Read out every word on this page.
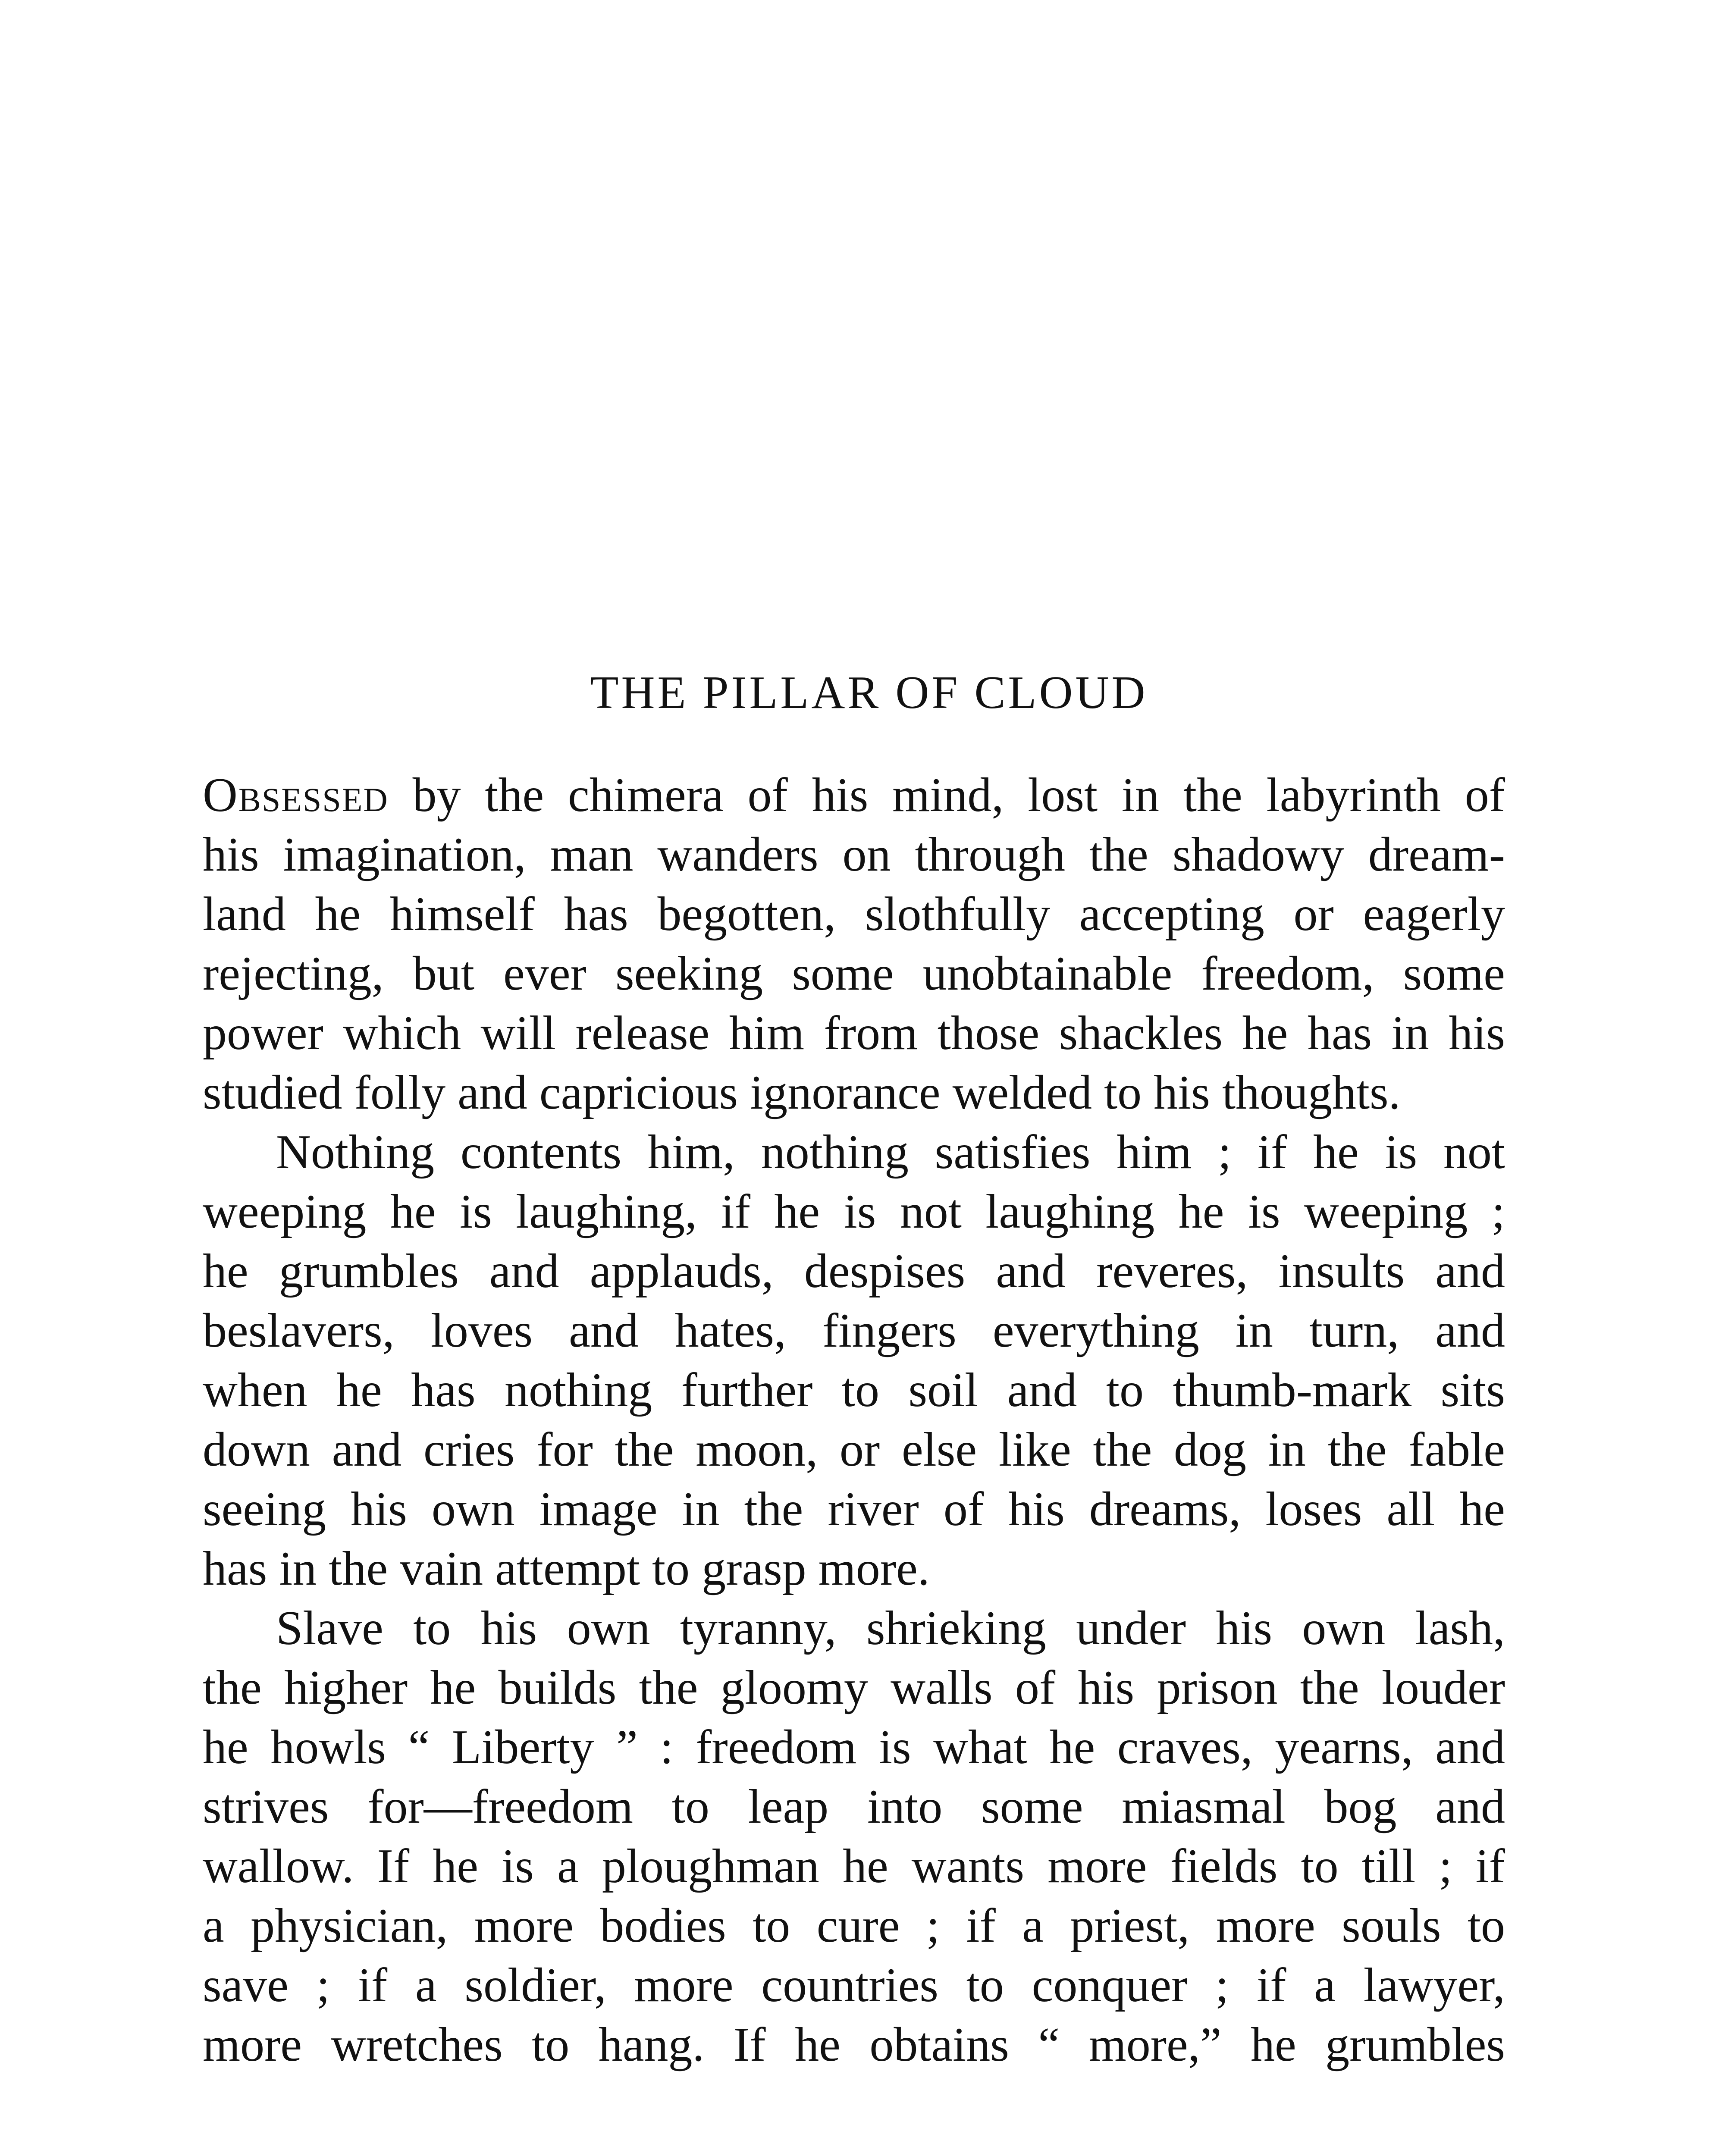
THE PILLAR OF CLOUD
Obsessed by the chimera of his mind, lost in the labyrinth of
his imagination, man wanders on through the shadowy dream-
land he himself has begotten, slothfully accepting or eagerly
rejecting, but ever seeking some unobtainable freedom, some
power which will release him from those shackles he has in his
studied folly and capricious ignorance welded to his thoughts.
Nothing contents him, nothing satisfies him ; if he is not
weeping he is laughing, if he is not laughing he is weeping ;
he grumbles and applauds, despises and reveres, insults and
beslavers, loves and hates, fingers everything in turn, and
when he has nothing further to soil and to thumb-mark sits
down and cries for the moon, or else like the dog in the fable
seeing his own image in the river of his dreams, loses all he
has in the vain attempt to grasp more.
Slave to his own tyranny, shrieking under his own lash,
the higher he builds the gloomy walls of his prison the louder
he howls “ Liberty ” : freedom is what he craves, yearns, and
strives for—freedom to leap into some miasmal bog and
wallow. If he is a ploughman he wants more fields to till ; if
a physician, more bodies to cure ; if a priest, more souls to
save ; if a soldier, more countries to conquer ; if a lawyer,
more wretches to hang. If he obtains “ more,” he grumbles
